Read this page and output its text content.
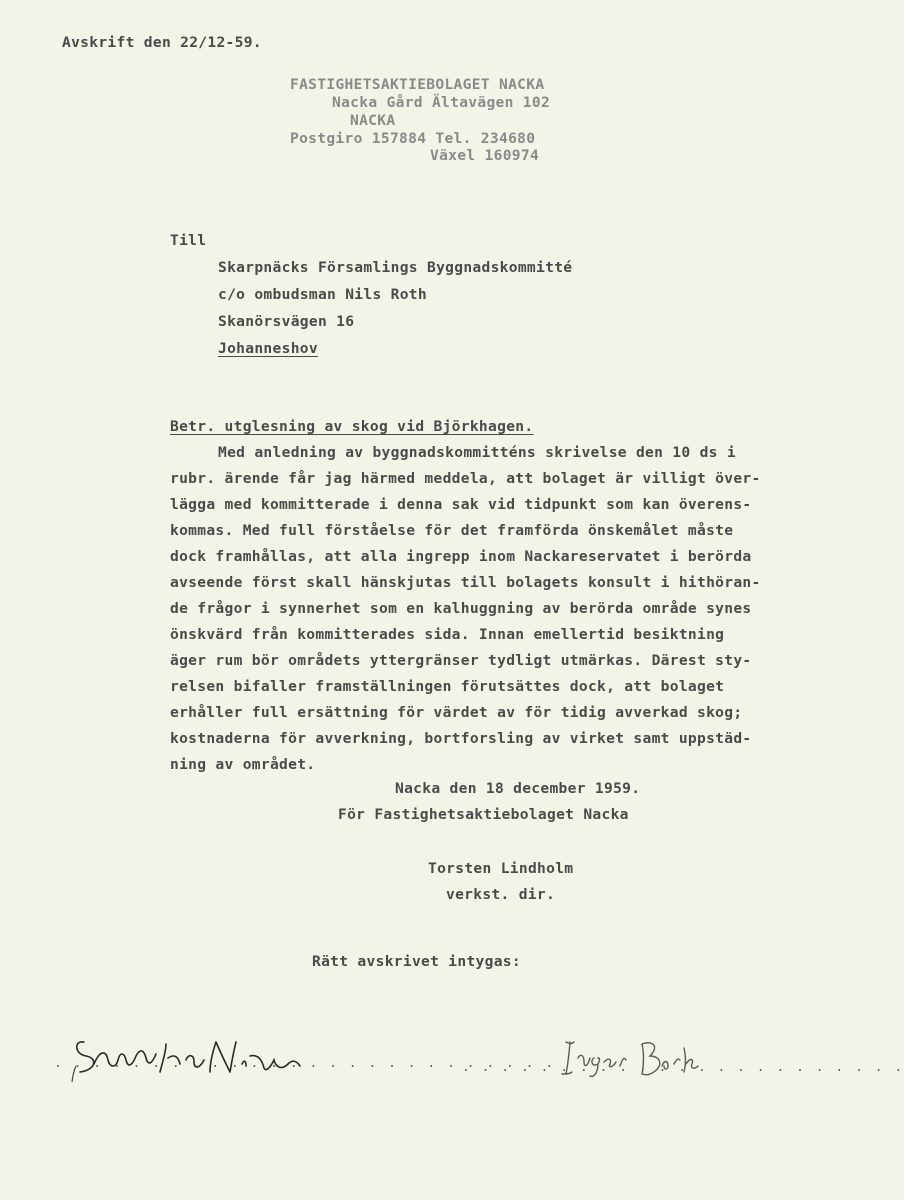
Avskrift den 22/12-59.
FASTIGHETSAKTIEBOLAGET NACKA
Nacka Gård Ältavägen 102
NACKA
Postgiro 157884 Tel. 234680
Växel 160974
Till
Skarpnäcks Församlings Byggnadskommitté
c/o ombudsman Nils Roth
Skanörsvägen 16
Johanneshov
Betr. utglesning av skog vid Björkhagen.
Med anledning av byggnadskommitténs skrivelse den 10 ds i
rubr. ärende får jag härmed meddela, att bolaget är villigt över-
lägga med kommitterade i denna sak vid tidpunkt som kan överens-
kommas. Med full förståelse för det framförda önskemålet måste
dock framhållas, att alla ingrepp inom Nackareservatet i berörda
avseende först skall hänskjutas till bolagets konsult i hithöran-
de frågor i synnerhet som en kalhuggning av berörda område synes
önskvärd från kommitterades sida. Innan emellertid besiktning
äger rum bör områdets yttergränser tydligt utmärkas. Därest sty-
relsen bifaller framställningen förutsättes dock, att bolaget
erhåller full ersättning för värdet av för tidig avverkad skog;
kostnaderna för avverkning, bortforsling av virket samt uppstäd-
ning av området.
Nacka den 18 december 1959.
För Fastighetsaktiebolaget Nacka
Torsten Lindholm
verkst. dir.
Rätt avskrivet intygas:
. . . . . . . . . . . . . . . . . . . . . . . . . .
. . . . . . . . . . . . . . . . . . . . . . .
